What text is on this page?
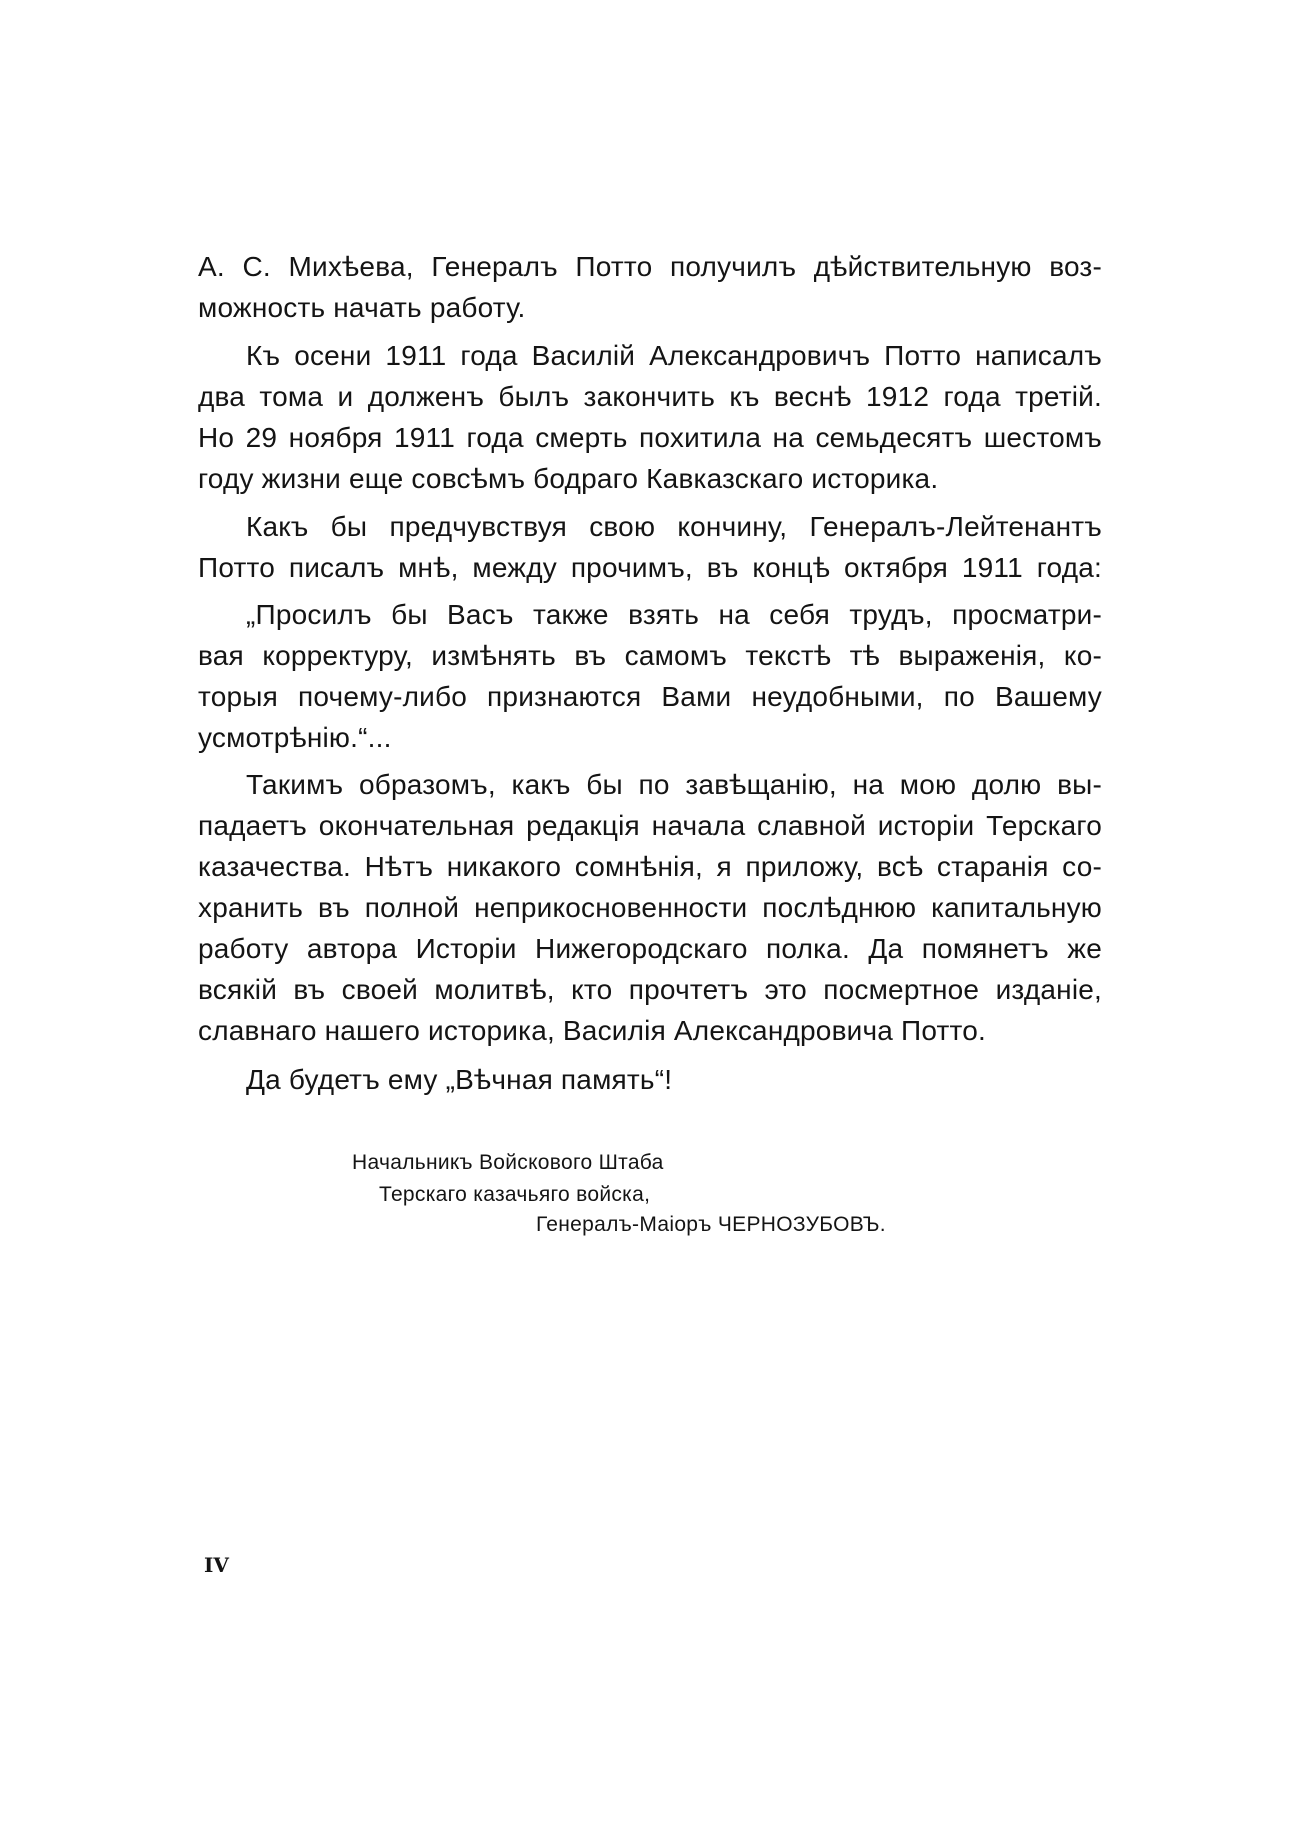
А. С. Михѣева, Генералъ Потто получилъ дѣйствительную воз-
можность начать работу.
Къ осени 1911 года Василій Александровичъ Потто написалъ
два тома и долженъ былъ закончить къ веснѣ 1912 года третій.
Но 29 ноября 1911 года смерть похитила на семьдесятъ шестомъ
году жизни еще совсѣмъ бодраго Кавказскаго историка.
Какъ бы предчувствуя свою кончину, Генералъ-Лейтенантъ
Потто писалъ мнѣ, между прочимъ, въ концѣ октября 1911 года:
„Просилъ бы Васъ также взять на себя трудъ, просматри-
вая корректуру, измѣнять въ самомъ текстѣ тѣ выраженія, ко-
торыя почему-либо признаются Вами неудобными, по Вашему
усмотрѣнію.“...
Такимъ образомъ, какъ бы по завѣщанію, на мою долю вы-
падаетъ окончательная редакція начала славной исторіи Терскаго
казачества. Нѣтъ никакого сомнѣнія, я приложу, всѣ старанія со-
хранить въ полной неприкосновенности послѣднюю капитальную
работу автора Исторіи Нижегородскаго полка. Да помянетъ же
всякій въ своей молитвѣ, кто прочтетъ это посмертное изданіе,
славнаго нашего историка, Василія Александровича Потто.
Да будетъ ему „Вѣчная память“!
Начальникъ Войскового Штаба
Терскаго казачьяго войска,
Генералъ-Маіоръ ЧЕРНОЗУБОВЪ.
IV
